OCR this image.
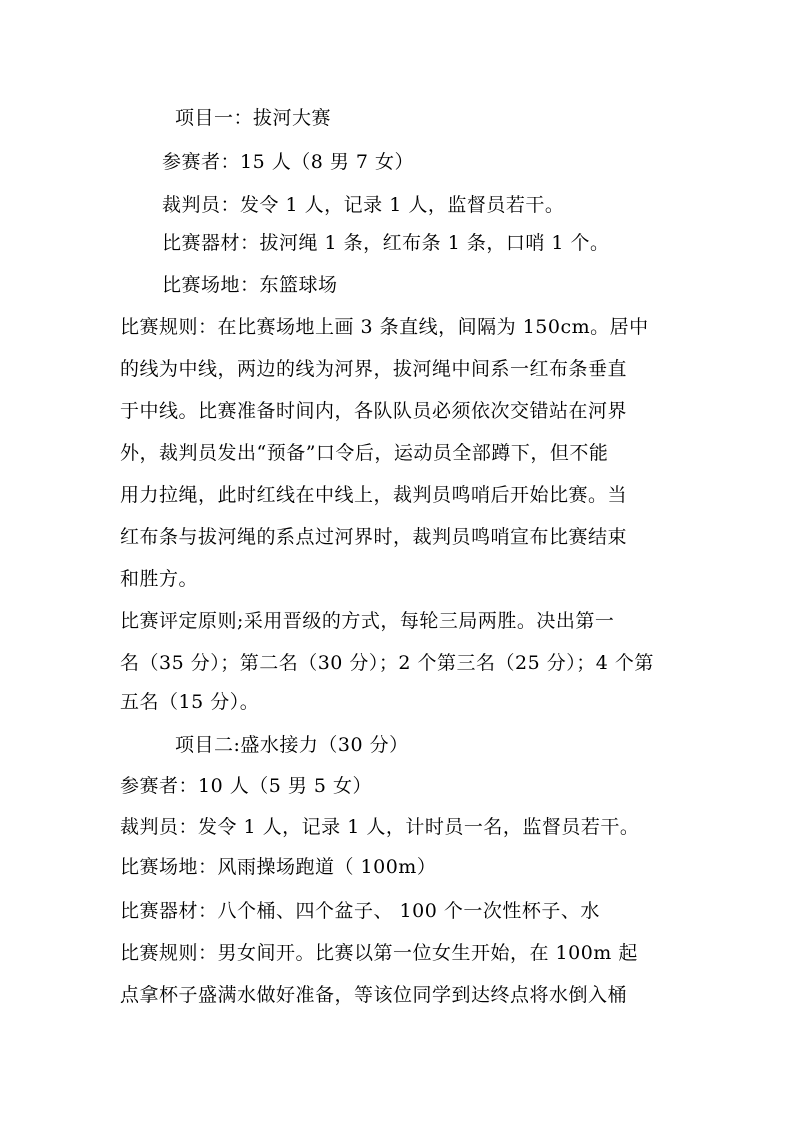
项目一：拔河大赛
参赛者：15 人（8 男 7 女）
裁判员：发令 1 人，记录 1 人，监督员若干。
比赛器材：拔河绳 1 条，红布条 1 条，口哨 1 个。
比赛场地：东篮球场
比赛规则：在比赛场地上画 3 条直线，间隔为 150cm。居中
的线为中线，两边的线为河界，拔河绳中间系一红布条垂直
于中线。比赛准备时间内，各队队员必须依次交错站在河界
外，裁判员发出“预备”口令后，运动员全部蹲下，但不能
用力拉绳，此时红线在中线上，裁判员鸣哨后开始比赛。当
红布条与拔河绳的系点过河界时，裁判员鸣哨宣布比赛结束
和胜方。
比赛评定原则;采用晋级的方式，每轮三局两胜。决出第一
名（35 分）；第二名（30 分）；2 个第三名（25 分）；4 个第
五名（15 分）。
项目二:盛水接力（30 分）
参赛者：10 人（5 男 5 女）
裁判员：发令 1 人，记录 1 人，计时员一名，监督员若干。
比赛场地：风雨操场跑道（ 100m）
比赛器材：八个桶、四个盆子、 100 个一次性杯子、水
比赛规则：男女间开。比赛以第一位女生开始，在 100m 起
点拿杯子盛满水做好准备，等该位同学到达终点将水倒入桶
